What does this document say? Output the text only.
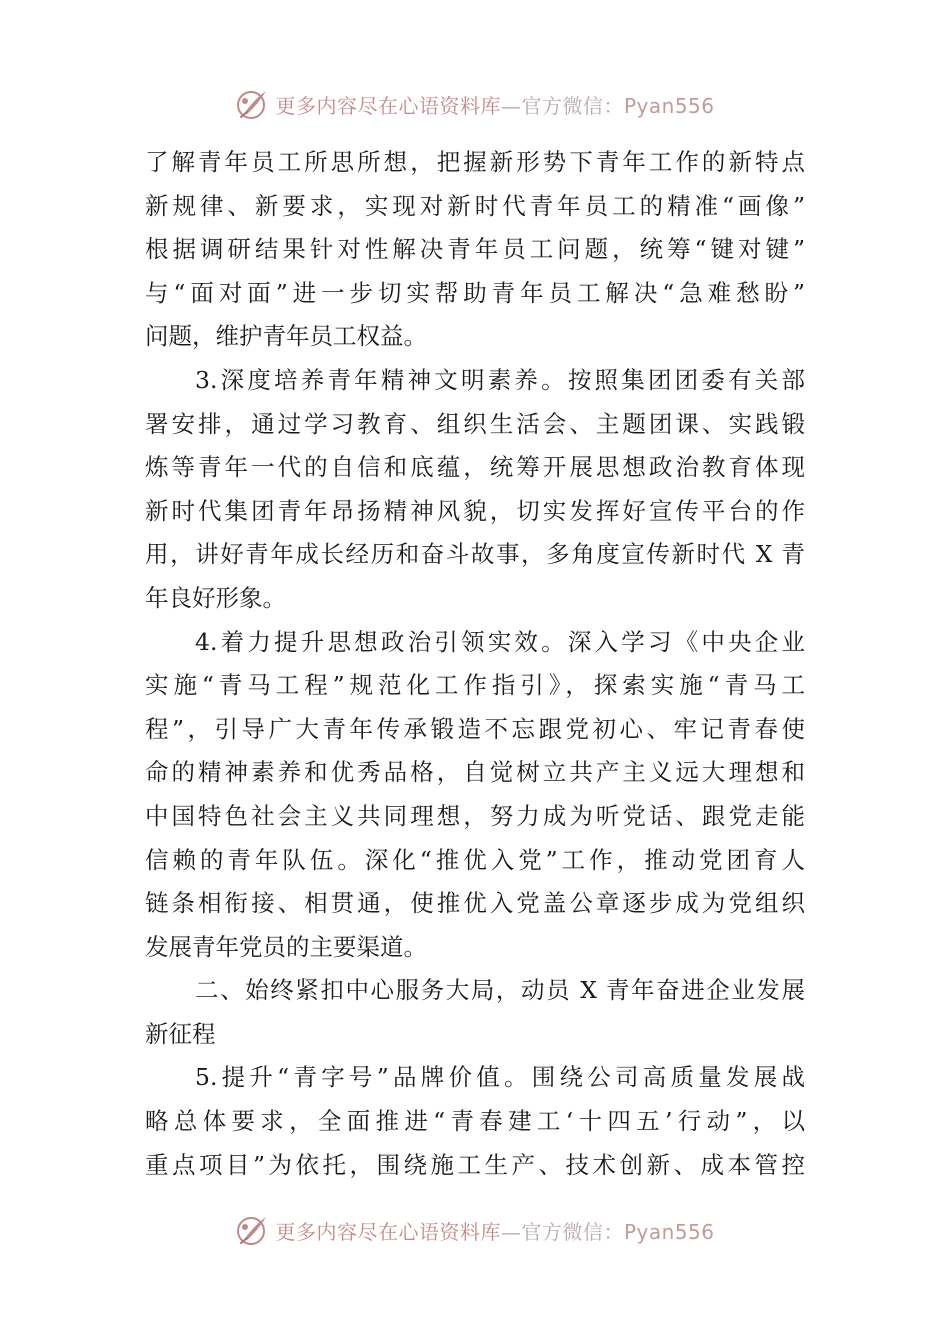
更多内容尽在心语资料库—官方微信：Pyan556
了解青年员工所思所想，把握新形势下青年工作的新特点
新规律、新要求，实现对新时代青年员工的精准“画像”
根据调研结果针对性解决青年员工问题，统筹“键对键”
与“面对面”进一步切实帮助青年员工解决“急难愁盼”
问题，维护青年员工权益。
3.深度培养青年精神文明素养。按照集团团委有关部
署安排，通过学习教育、组织生活会、主题团课、实践锻
炼等青年一代的自信和底蕴，统筹开展思想政治教育体现
新时代集团青年昂扬精神风貌，切实发挥好宣传平台的作
用，讲好青年成长经历和奋斗故事，多角度宣传新时代 X 青
年良好形象。
4.着力提升思想政治引领实效。深入学习《中央企业
实施“青马工程”规范化工作指引》，探索实施“青马工
程”，引导广大青年传承锻造不忘跟党初心、牢记青春使
命的精神素养和优秀品格，自觉树立共产主义远大理想和
中国特色社会主义共同理想，努力成为听党话、跟党走能
信赖的青年队伍。深化“推优入党”工作，推动党团育人
链条相衔接、相贯通，使推优入党盖公章逐步成为党组织
发展青年党员的主要渠道。
二、始终紧扣中心服务大局，动员 X 青年奋进企业发展
新征程
5.提升“青字号”品牌价值。围绕公司高质量发展战
略总体要求，全面推进“青春建工‘十四五’行动”，以
重点项目”为依托，围绕施工生产、技术创新、成本管控
更多内容尽在心语资料库—官方微信：Pyan556
